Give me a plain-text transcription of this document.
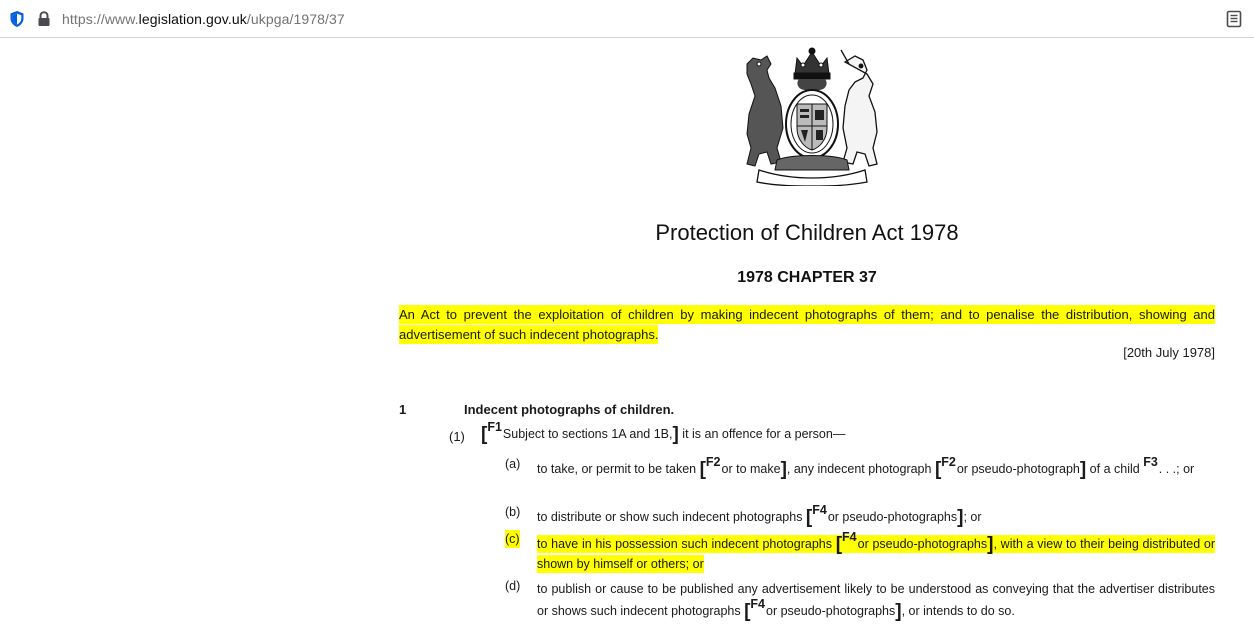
https://www.legislation.gov.uk/ukpga/1978/37
Protection of Children Act 1978
1978 CHAPTER 37
An Act to prevent the exploitation of children by making indecent photographs of them; and to penalise the distribution, showing and advertisement of such indecent photographs.
[20th July 1978]
1	Indecent photographs of children.
(1) [$^{F1}$Subject to sections 1A and 1B,] it is an offence for a person—
(a)	to take, or permit to be taken [$^{F2}$or to make], any indecent photograph [$^{F2}$or pseudo-photograph] of a child $^{F3}$. . .; or
(b)	to distribute or show such indecent photographs [$^{F4}$or pseudo-photographs]; or
(c)	to have in his possession such indecent photographs [$^{F4}$or pseudo-photographs], with a view to their being distributed or shown by himself or others; or
(d)	to publish or cause to be published any advertisement likely to be understood as conveying that the advertiser distributes or shows such indecent photographs [$^{F4}$or pseudo-photographs], or intends to do so.
